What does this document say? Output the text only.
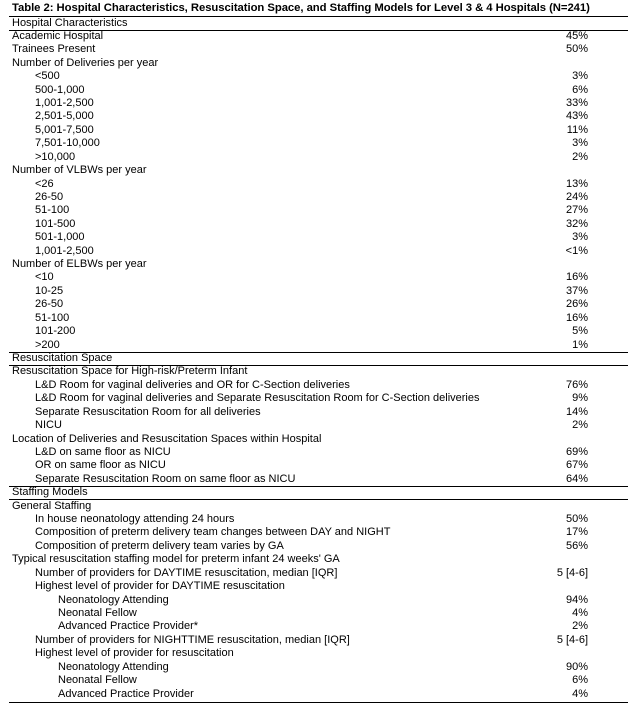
Table 2: Hospital Characteristics, Resuscitation Space, and Staffing Models for Level 3 & 4 Hospitals (N=241)
Hospital Characteristics
Academic Hospital	45%
Trainees Present	50%
Number of Deliveries per year
<500	3%
500-1,000	6%
1,001-2,500	33%
2,501-5,000	43%
5,001-7,500	11%
7,501-10,000	3%
>10,000	2%
Number of VLBWs per year
<26	13%
26-50	24%
51-100	27%
101-500	32%
501-1,000	3%
1,001-2,500	<1%
Number of ELBWs per year
<10	16%
10-25	37%
26-50	26%
51-100	16%
101-200	5%
>200	1%
Resuscitation Space
Resuscitation Space for High-risk/Preterm Infant
L&D Room for vaginal deliveries and OR for C-Section deliveries	76%
L&D Room for vaginal deliveries and Separate Resuscitation Room for C-Section deliveries	9%
Separate Resuscitation Room for all deliveries	14%
NICU	2%
Location of Deliveries and Resuscitation Spaces within Hospital
L&D on same floor as NICU	69%
OR on same floor as NICU	67%
Separate Resuscitation Room on same floor as NICU	64%
Staffing Models
General Staffing
In house neonatology attending 24 hours	50%
Composition of preterm delivery team changes between DAY and NIGHT	17%
Composition of preterm delivery team varies by GA	56%
Typical resuscitation staffing model for preterm infant 24 weeks' GA
Number of providers for DAYTIME resuscitation, median [IQR]	5 [4-6]
Highest level of provider for DAYTIME resuscitation
Neonatology Attending	94%
Neonatal Fellow	4%
Advanced Practice Provider*	2%
Number of providers for NIGHTTIME resuscitation, median [IQR]	5 [4-6]
Highest level of provider for resuscitation
Neonatology Attending	90%
Neonatal Fellow	6%
Advanced Practice Provider	4%
